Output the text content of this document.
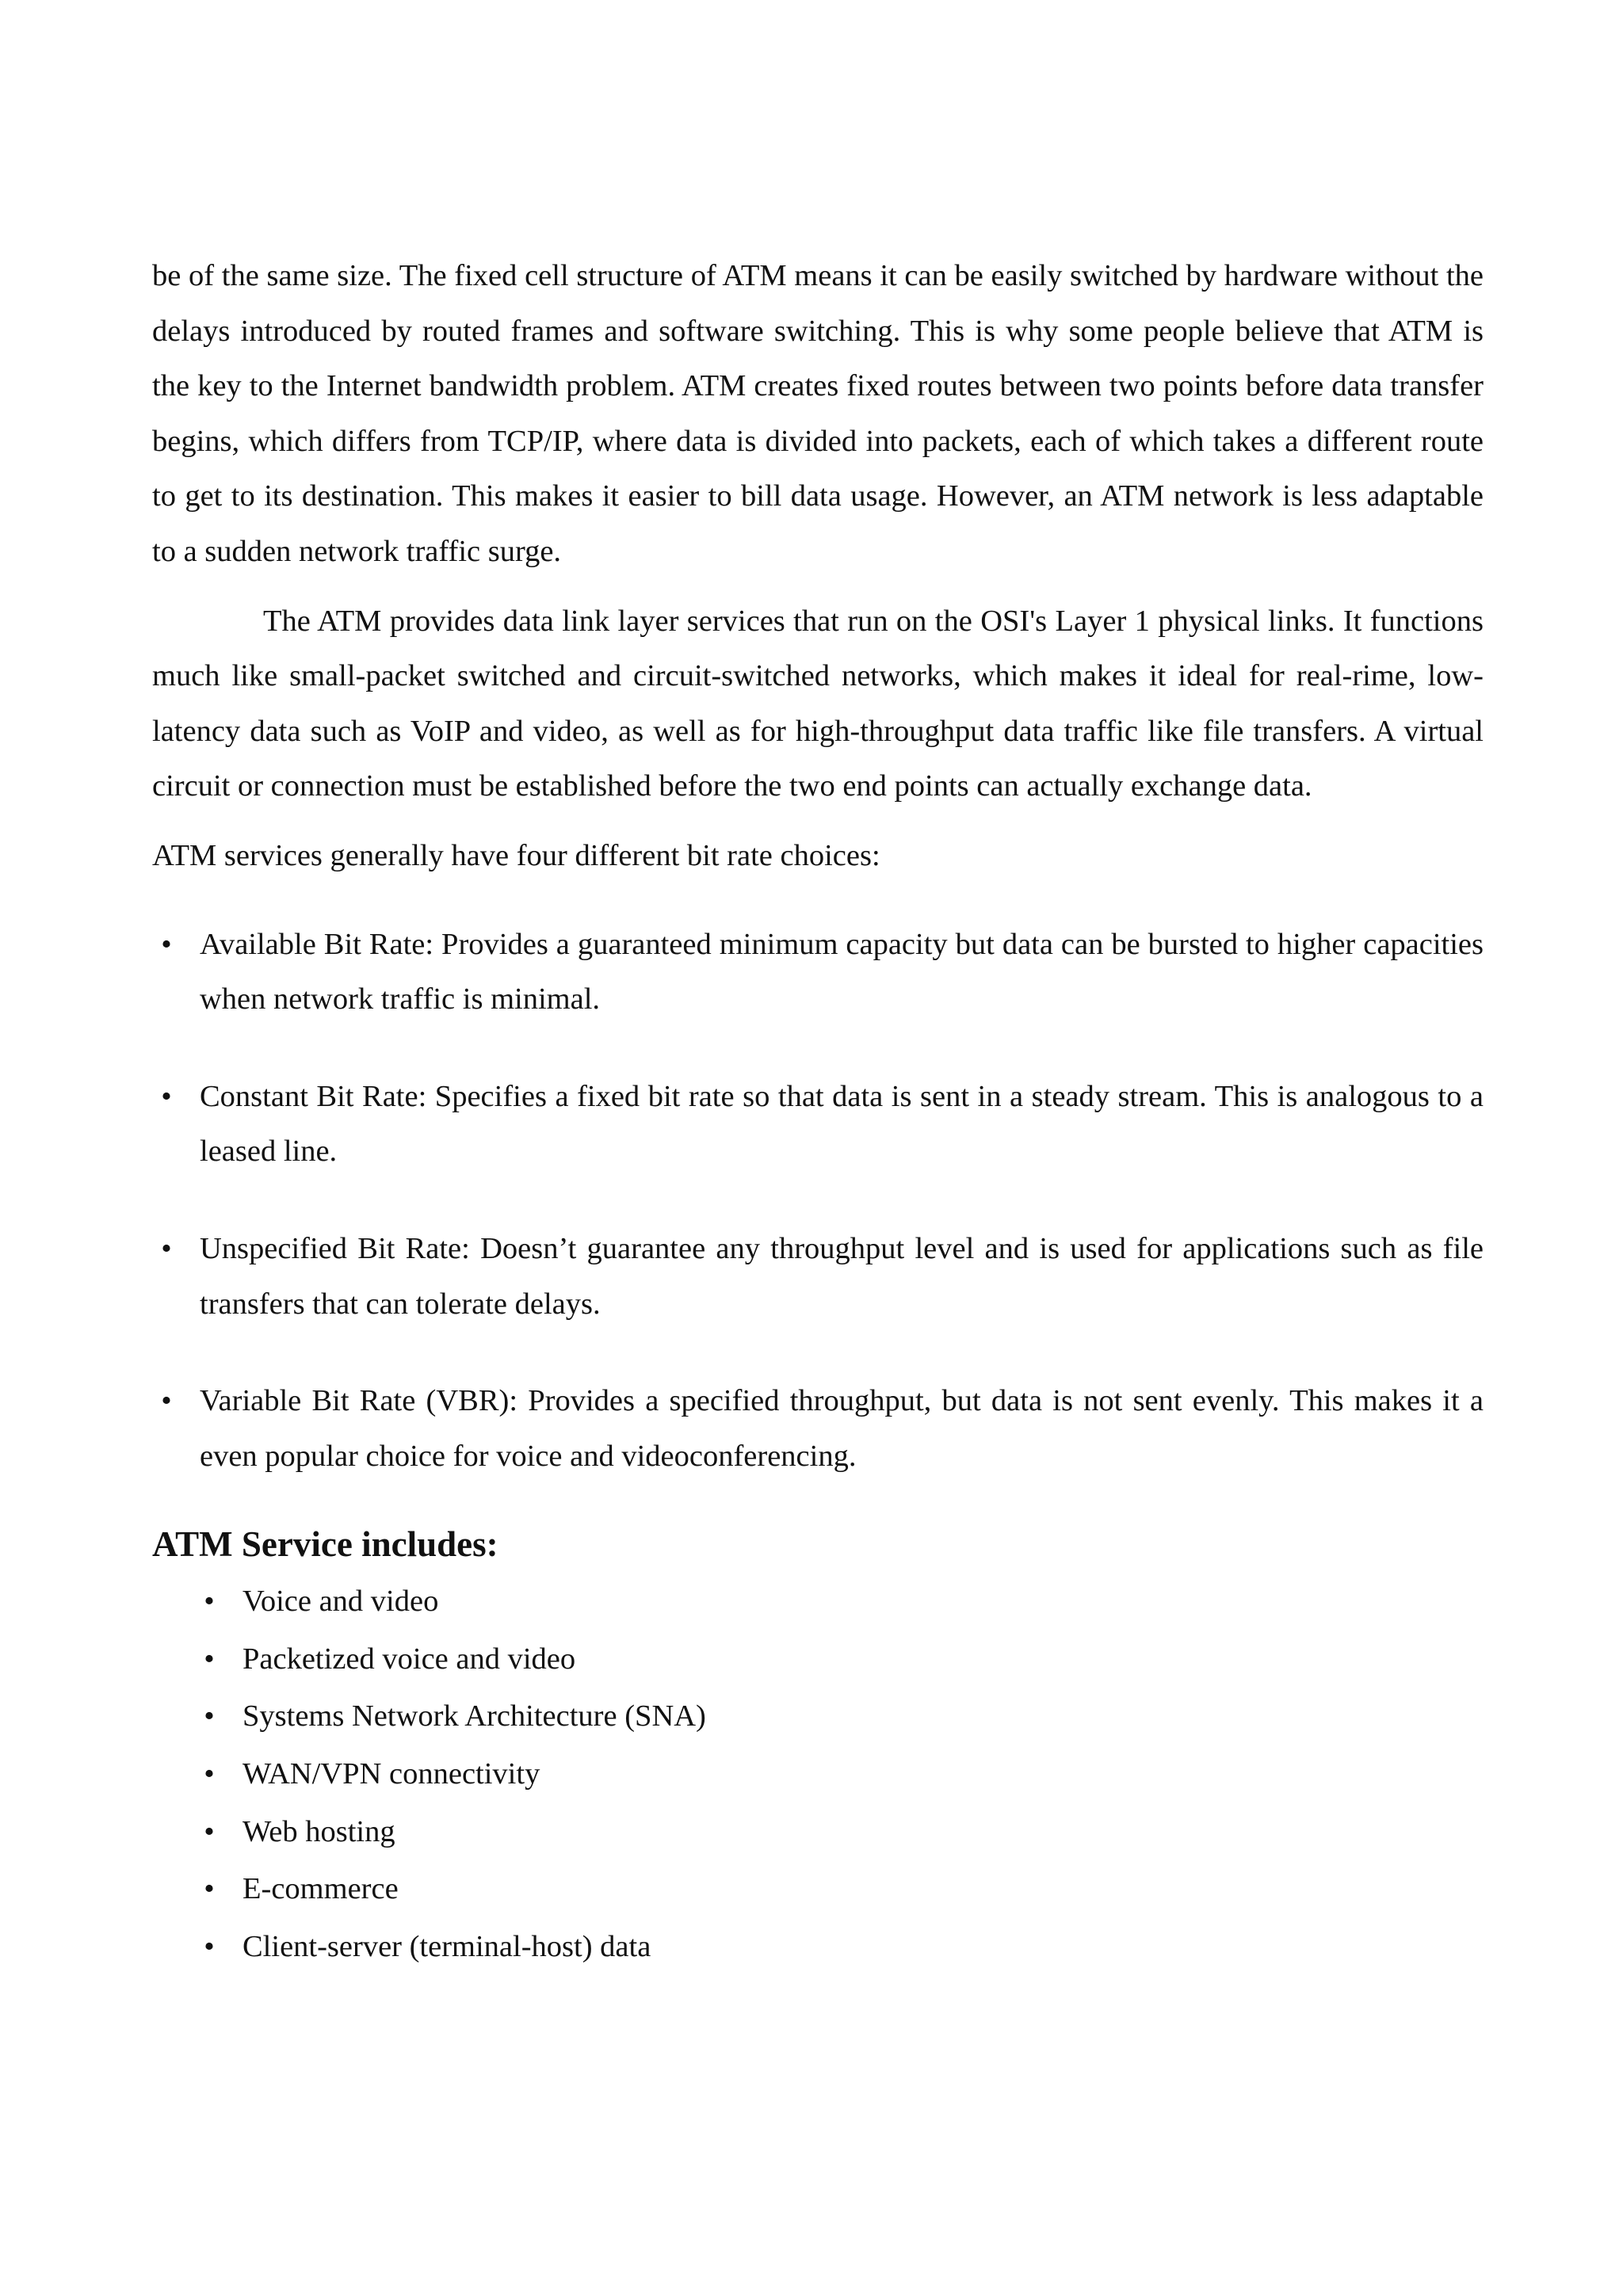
be of the same size. The fixed cell structure of ATM means it can be easily switched by hardware without the delays introduced by routed frames and software switching. This is why some people believe that ATM is the key to the Internet bandwidth problem. ATM creates fixed routes between two points before data transfer begins, which differs from TCP/IP, where data is divided into packets, each of which takes a different route to get to its destination. This makes it easier to bill data usage. However, an ATM network is less adaptable to a sudden network traffic surge.

The ATM provides data link layer services that run on the OSI's Layer 1 physical links. It functions much like small-packet switched and circuit-switched networks, which makes it ideal for real-rime, low-latency data such as VoIP and video, as well as for high-throughput data traffic like file transfers. A virtual circuit or connection must be established before the two end points can actually exchange data.

ATM services generally have four different bit rate choices:

• Available Bit Rate: Provides a guaranteed minimum capacity but data can be bursted to higher capacities when network traffic is minimal.
• Constant Bit Rate: Specifies a fixed bit rate so that data is sent in a steady stream. This is analogous to a leased line.
• Unspecified Bit Rate: Doesn’t guarantee any throughput level and is used for applications such as file transfers that can tolerate delays.
• Variable Bit Rate (VBR): Provides a specified throughput, but data is not sent evenly. This makes it a even popular choice for voice and videoconferencing.
ATM Service includes:
• Voice and video
• Packetized voice and video
• Systems Network Architecture (SNA)
• WAN/VPN connectivity
• Web hosting
• E-commerce
• Client-server (terminal-host) data
